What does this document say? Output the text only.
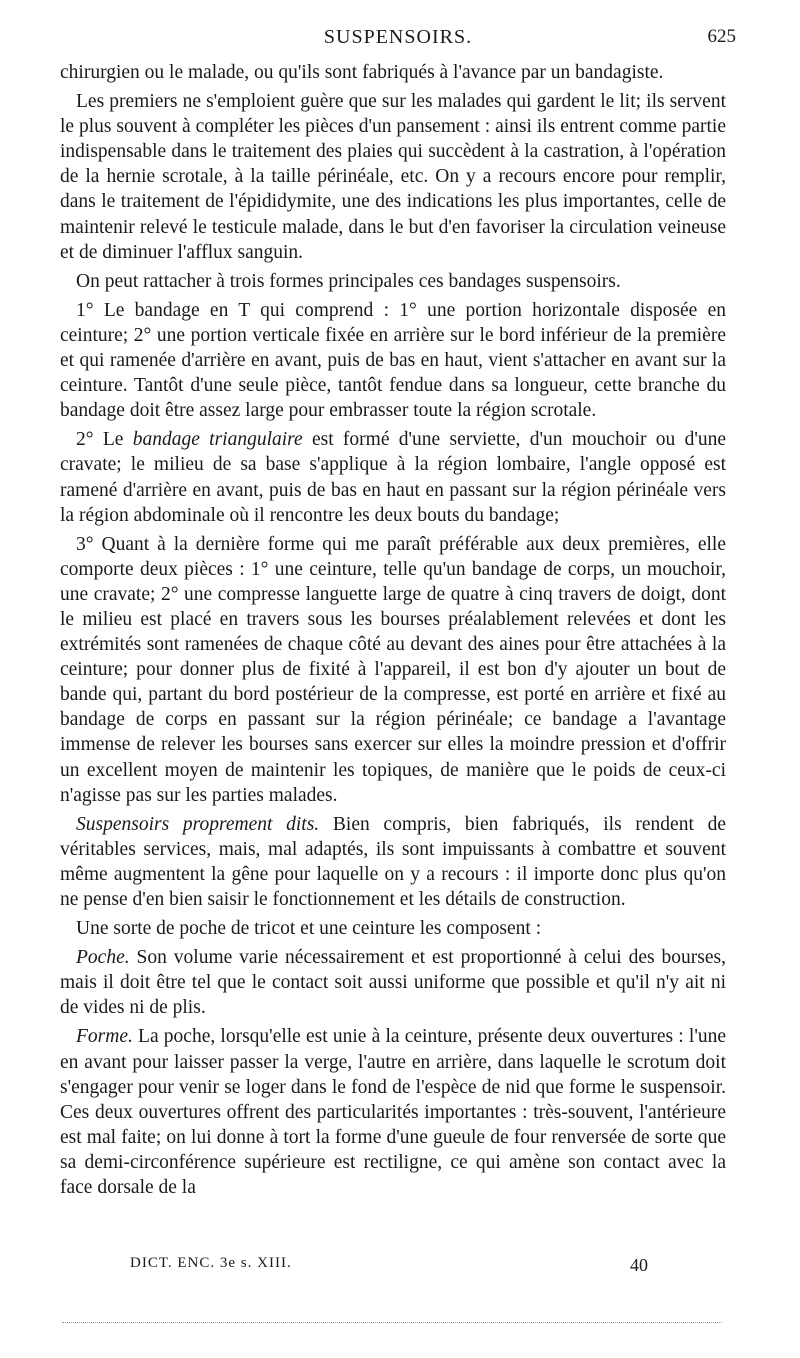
SUSPENSOIRS.	625

chirurgien ou le malade, ou qu'ils sont fabriqués à l'avance par un bandagiste.

Les premiers ne s'emploient guère que sur les malades qui gardent le lit; ils servent le plus souvent à compléter les pièces d'un pansement : ainsi ils entrent comme partie indispensable dans le traitement des plaies qui succèdent à la castration, à l'opération de la hernie scrotale, à la taille périnéale, etc. On y a recours encore pour remplir, dans le traitement de l'épididymite, une des indications les plus importantes, celle de maintenir relevé le testicule malade, dans le but d'en favoriser la circulation veineuse et de diminuer l'afflux sanguin.

On peut rattacher à trois formes principales ces bandages suspensoirs.

1° Le bandage en T qui comprend : 1° une portion horizontale disposée en ceinture; 2° une portion verticale fixée en arrière sur le bord inférieur de la première et qui ramenée d'arrière en avant, puis de bas en haut, vient s'attacher en avant sur la ceinture. Tantôt d'une seule pièce, tantôt fendue dans sa longueur, cette branche du bandage doit être assez large pour embrasser toute la région scrotale.

2° Le bandage triangulaire est formé d'une serviette, d'un mouchoir ou d'une cravate; le milieu de sa base s'applique à la région lombaire, l'angle opposé est ramené d'arrière en avant, puis de bas en haut en passant sur la région périnéale vers la région abdominale où il rencontre les deux bouts du bandage;

3° Quant à la dernière forme qui me paraît préférable aux deux premières, elle comporte deux pièces : 1° une ceinture, telle qu'un bandage de corps, un mouchoir, une cravate; 2° une compresse languette large de quatre à cinq travers de doigt, dont le milieu est placé en travers sous les bourses préalablement relevées et dont les extrémités sont ramenées de chaque côté au devant des aines pour être attachées à la ceinture; pour donner plus de fixité à l'appareil, il est bon d'y ajouter un bout de bande qui, partant du bord postérieur de la compresse, est porté en arrière et fixé au bandage de corps en passant sur la région périnéale; ce bandage a l'avantage immense de relever les bourses sans exercer sur elles la moindre pression et d'offrir un excellent moyen de maintenir les topiques, de manière que le poids de ceux-ci n'agisse pas sur les parties malades.

Suspensoirs proprement dits. Bien compris, bien fabriqués, ils rendent de véritables services, mais, mal adaptés, ils sont impuissants à combattre et souvent même augmentent la gêne pour laquelle on y a recours : il importe donc plus qu'on ne pense d'en bien saisir le fonctionnement et les détails de construction.

Une sorte de poche de tricot et une ceinture les composent :

Poche. Son volume varie nécessairement et est proportionné à celui des bourses, mais il doit être tel que le contact soit aussi uniforme que possible et qu'il n'y ait ni de vides ni de plis.

Forme. La poche, lorsqu'elle est unie à la ceinture, présente deux ouvertures : l'une en avant pour laisser passer la verge, l'autre en arrière, dans laquelle le scrotum doit s'engager pour venir se loger dans le fond de l'espèce de nid que forme le suspensoir. Ces deux ouvertures offrent des particularités importantes : très-souvent, l'antérieure est mal faite; on lui donne à tort la forme d'une gueule de four renversée de sorte que sa demi-circonférence supérieure est rectiligne, ce qui amène son contact avec la face dorsale de la

DICT. ENC. 3e s. XIII.	40
